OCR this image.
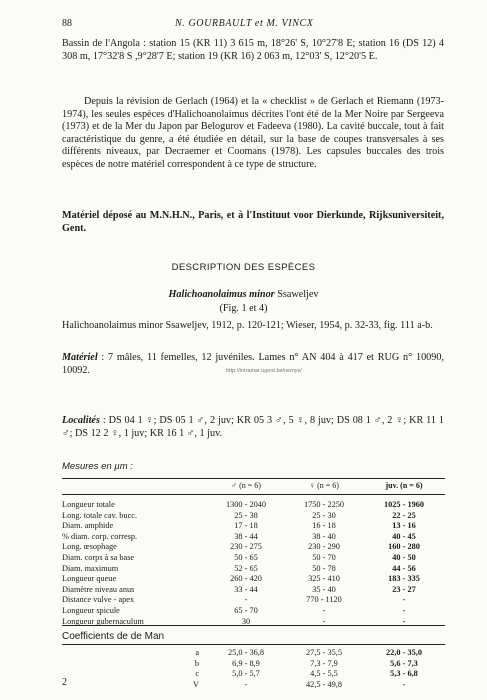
88	N. GOURBAULT et M. VINCX

Bassin de l'Angola : station 15 (KR 11) 3 615 m, 18°26' S, 10°27'8 E; station 16 (DS 12) 4 308 m, 17°32'8 S ,9°28'7 E; station 19 (KR 16) 2 063 m, 12°03' S, 12°20'5 E.

Depuis la révision de Gerlach (1964) et la « checklist » de Gerlach et Riemann (1973-1974), les seules espèces d'Halichoanolaimus décrites l'ont été de la Mer Noire par Sergeeva (1973) et de la Mer du Japon par Belogurov et Fadeeva (1980). La cavité buccale, tout à fait caractéristique du genre, a été étudiée en détail, sur la base de coupes transversales à ses différents niveaux, par Decraemer et Coomans (1978). Les capsules buccales des trois espèces de notre matériel correspondent à ce type de structure.

Matériel déposé au M.N.H.N., Paris, et à l'Instituut voor Dierkunde, Rijksuniversiteit, Gent.

DESCRIPTION DES ESPÈCES
Halichoanolaimus minor Ssaweljev
(Fig. 1 et 4)

Halichoanolaimus minor Ssaweljev, 1912, p. 120-121; Wieser, 1954, p. 32-33, fig. 111 a-b.

Matériel : 7 mâles, 11 femelles, 12 juvéniles. Lames n° AN 404 à 417 et RUG n° 10090, 10092.	http://intramar.ugent.be/nemys/

Localités : DS 04 1 ♀; DS 05 1 ♂, 2 juv; KR 05 3 ♂, 5 ♀, 8 juv; DS 08 1 ♂, 2 ♀; KR 11 1 ♂; DS 12 2 ♀, 1 juv; KR 16 1 ♂, 1 juv.

Mesures en µm :
	♂ (n = 6)	♀ (n = 6)	juv. (n = 6)
Longueur totale	1300 - 2040	1750 - 2250	1025 - 1960
Long. totale cav. bucc.	25 - 38	25 - 30	22 - 25
Diam. amphide	17 - 18	16 - 18	13 - 16
% diam. corp. corresp.	38 - 44	38 - 40	40 - 45
Long. œsophage	230 - 275	230 - 290	160 - 280
Diam. corps à sa base	50 - 65	50 - 70	40 - 50
Diam. maximum	52 - 65	50 - 78	44 - 56
Longueur queue	260 - 420	325 - 410	183 - 335
Diamètre niveau anus	33 - 44	35 - 40	23 - 27
Distance vulve - apex	-	770 - 1120	-
Longueur spicule	65 - 70	-	-
Longueur gubernaculum	30	-	-
Coefficients de de Man
a	25,0 - 36,8	27,5 - 35,5	22,0 - 35,0
b	6,9 - 8,9	7,3 - 7,9	5,6 - 7,3
c	5,0 - 5,7	4,5 - 5,5	5,3 - 6,8
V	-	42,5 - 49,8	-
2
